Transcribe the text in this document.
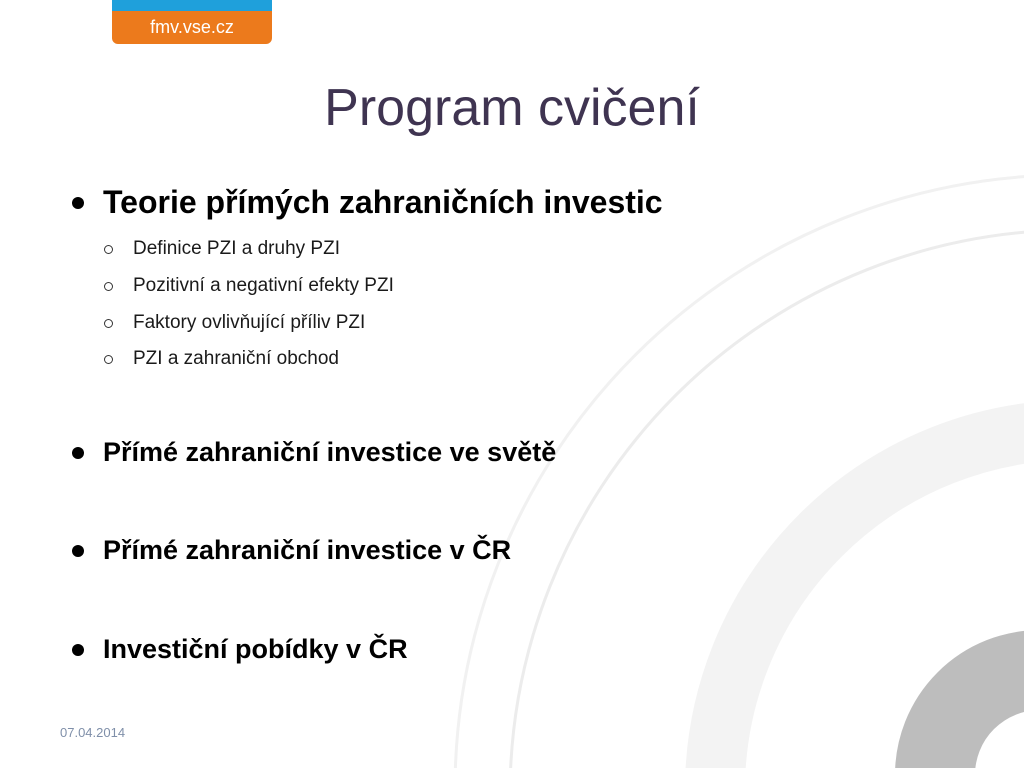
fmv.vse.cz
Program cvičení
Teorie přímých zahraničních investic
Definice PZI a druhy PZI
Pozitivní a negativní efekty PZI
Faktory ovlivňující příliv PZI
PZI a zahraniční obchod
Přímé zahraniční investice ve světě
Přímé zahraniční investice v ČR
Investiční pobídky v ČR
07.04.2014
